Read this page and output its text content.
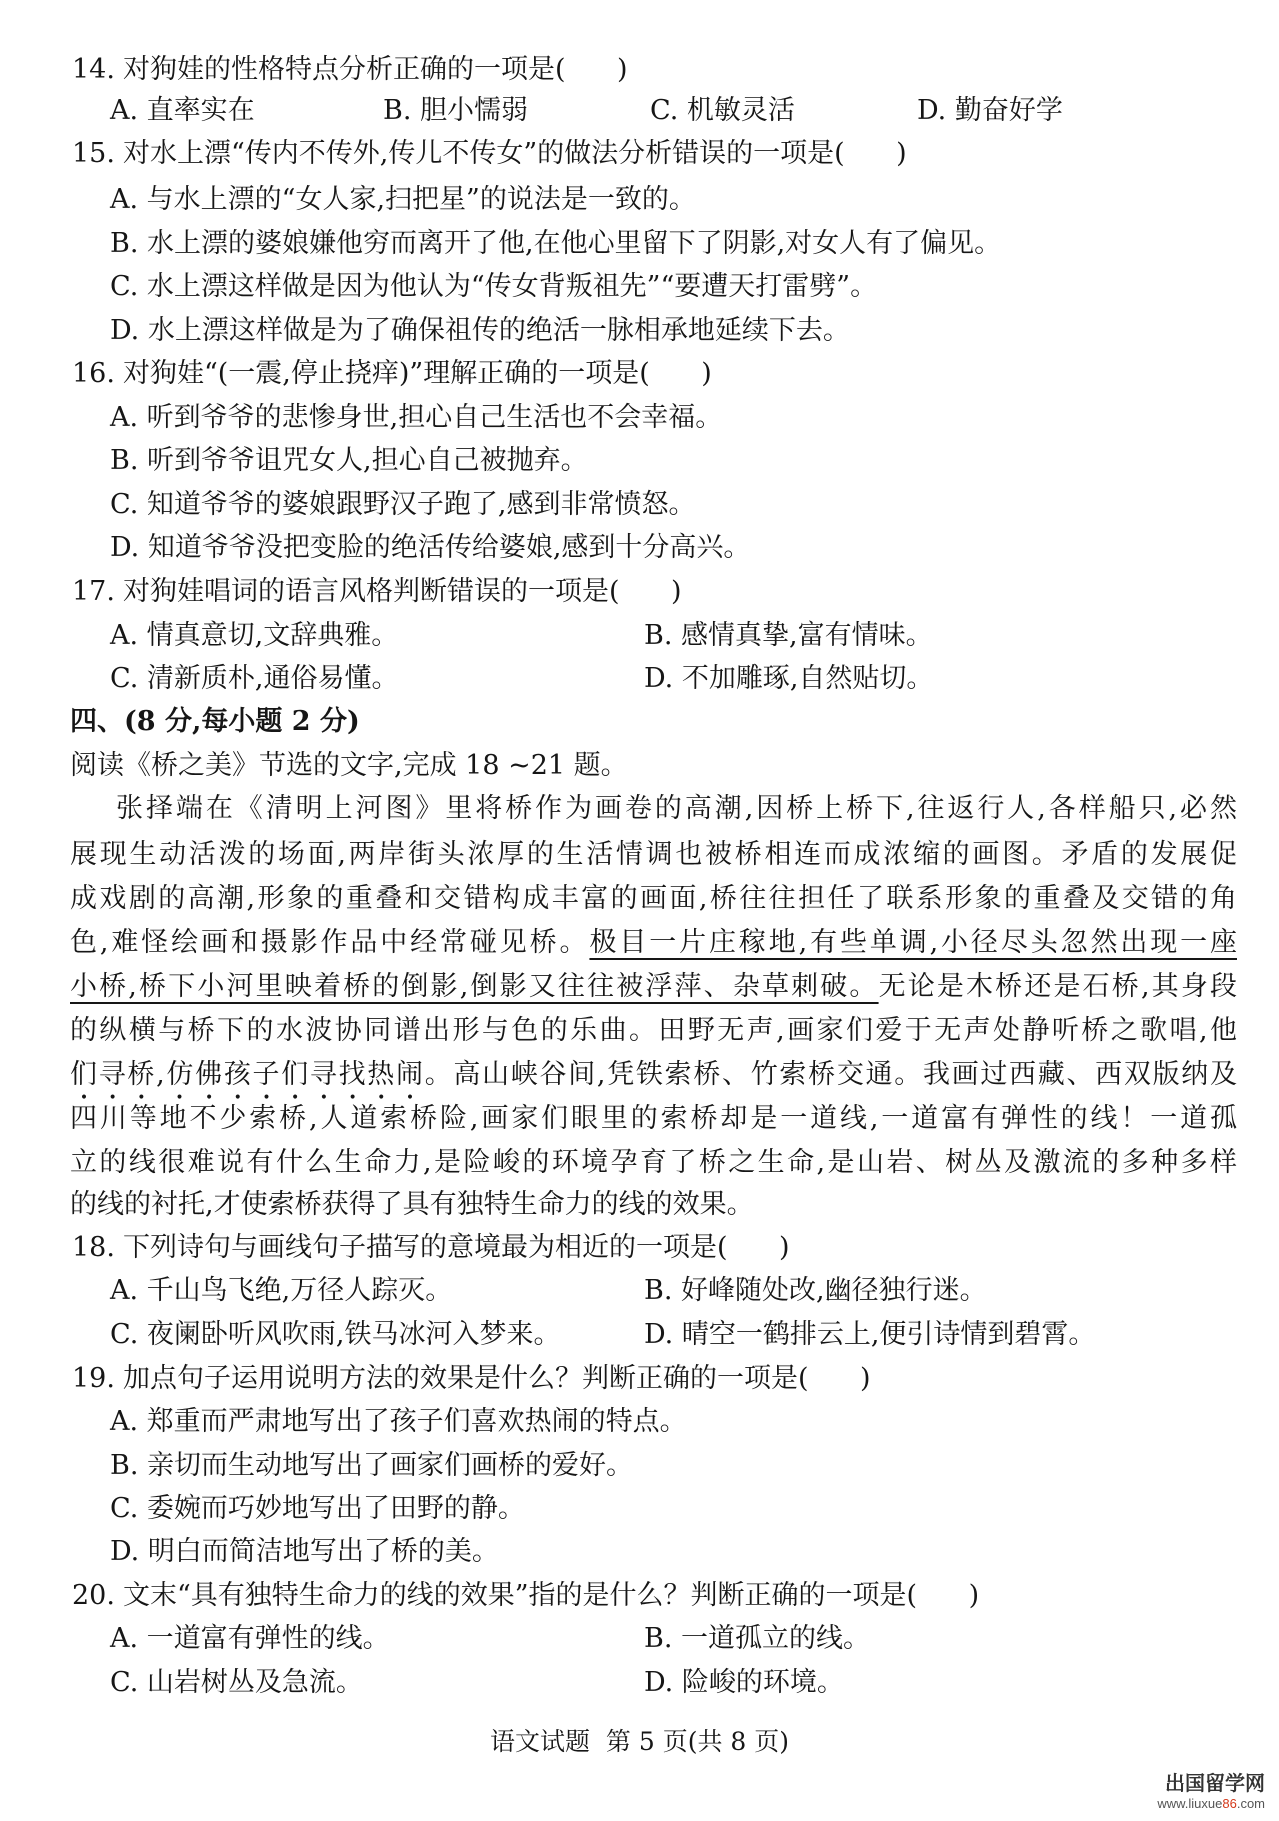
14. 对狗娃的性格特点分析正确的一项是(      )
A. 直率实在	B. 胆小懦弱	C. 机敏灵活	D. 勤奋好学
15. 对水上漂“传内不传外,传儿不传女”的做法分析错误的一项是(      )
A. 与水上漂的“女人家,扫把星”的说法是一致的。
B. 水上漂的婆娘嫌他穷而离开了他,在他心里留下了阴影,对女人有了偏见。
C. 水上漂这样做是因为他认为“传女背叛祖先”“要遭天打雷劈”。
D. 水上漂这样做是为了确保祖传的绝活一脉相承地延续下去。
16. 对狗娃“(一震,停止挠痒)”理解正确的一项是(      )
A. 听到爷爷的悲惨身世,担心自己生活也不会幸福。
B. 听到爷爷诅咒女人,担心自己被抛弃。
C. 知道爷爷的婆娘跟野汉子跑了,感到非常愤怒。
D. 知道爷爷没把变脸的绝活传给婆娘,感到十分高兴。
17. 对狗娃唱词的语言风格判断错误的一项是(      )
A. 情真意切,文辞典雅。	B. 感情真挚,富有情味。
C. 清新质朴,通俗易懂。	D. 不加雕琢,自然贴切。
四、(8 分,每小题 2 分)
阅读《桥之美》节选的文字,完成 18 ~21 题。
张择端在《清明上河图》里将桥作为画卷的高潮,因桥上桥下,往返行人,各样船只,必然
展现生动活泼的场面,两岸街头浓厚的生活情调也被桥相连而成浓缩的画图。矛盾的发展促
成戏剧的高潮,形象的重叠和交错构成丰富的画面,桥往往担任了联系形象的重叠及交错的角
色,难怪绘画和摄影作品中经常碰见桥。极目一片庄稼地,有些单调,小径尽头忽然出现一座
小桥,桥下小河里映着桥的倒影,倒影又往往被浮萍、杂草刺破。无论是木桥还是石桥,其身段
的纵横与桥下的水波协同谱出形与色的乐曲。田野无声,画家们爱于无声处静听桥之歌唱,他
们寻桥,仿佛孩子们寻找热闹。高山峡谷间,凭铁索桥、竹索桥交通。我画过西藏、西双版纳及
四川等地不少索桥,人道索桥险,画家们眼里的索桥却是一道线,一道富有弹性的线！一道孤
立的线很难说有什么生命力,是险峻的环境孕育了桥之生命,是山岩、树丛及激流的多种多样
的线的衬托,才使索桥获得了具有独特生命力的线的效果。
18. 下列诗句与画线句子描写的意境最为相近的一项是(      )
A. 千山鸟飞绝,万径人踪灭。	B. 好峰随处改,幽径独行迷。
C. 夜阑卧听风吹雨,铁马冰河入梦来。	D. 晴空一鹤排云上,便引诗情到碧霄。
19. 加点句子运用说明方法的效果是什么？判断正确的一项是(      )
A. 郑重而严肃地写出了孩子们喜欢热闹的特点。
B. 亲切而生动地写出了画家们画桥的爱好。
C. 委婉而巧妙地写出了田野的静。
D. 明白而简洁地写出了桥的美。
20. 文末“具有独特生命力的线的效果”指的是什么？判断正确的一项是(      )
A. 一道富有弹性的线。	B. 一道孤立的线。
C. 山岩树丛及急流。	D. 险峻的环境。
语文试题  第 5 页(共 8 页)
出国留学网
www.liuxue86.com
